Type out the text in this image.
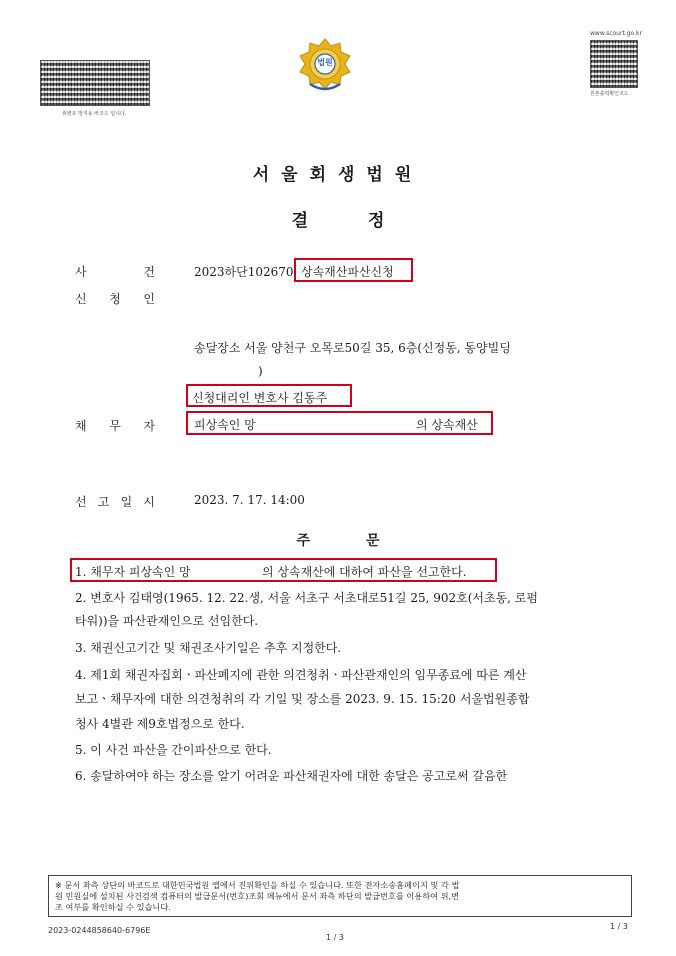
위변조 방지용 바코드 입니다.
법원
www.scourt.go.kr
원본출력확인코드
서울회생법원
결정
사	건	2023하단102670 상속재산파산신청
신 청 인
송달장소 서울 양천구 오목로50길 35, 6층(신정동, 동양빌딩
)
신청대리인 변호사 김동주
채 무 자	피상속인 망	의 상속재산
선 고 일 시	2023. 7. 17. 14:00
주문
1. 채무자 피상속인 망	의 상속재산에 대하여 파산을 선고한다.
2. 변호사 김태영(1965. 12. 22.생, 서울 서초구 서초대로51길 25, 902호(서초동, 로펌
타워))을 파산관재인으로 선임한다.
3. 채권신고기간 및 채권조사기일은 추후 지정한다.
4. 제1회 채권자집회ㆍ파산폐지에 관한 의견청취ㆍ파산관재인의 임무종료에 따른 계산
보고ㆍ채무자에 대한 의견청취의 각 기일 및 장소를 2023. 9. 15. 15:20 서울법원종합
청사 4별관 제9호법정으로 한다.
5. 이 사건 파산을 간이파산으로 한다.
6. 송달하여야 하는 장소를 알기 어려운 파산채권자에 대한 송달은 공고로써 갈음한
※ 문서 좌측 상단의 바코드로 대한민국법원 앱에서 진위확인을 하실 수 있습니다. 또한 전자소송홈페이지 및 각 법
원 민원실에 설치된 사건검색 컴퓨터의 발급문서(번호)조회 메뉴에서 문서 좌측 하단의 발급번호를 이용하여 위,변
조 여부를 확인하실 수 있습니다.
2023-0244858640-6796E
1 / 3
1 / 3
